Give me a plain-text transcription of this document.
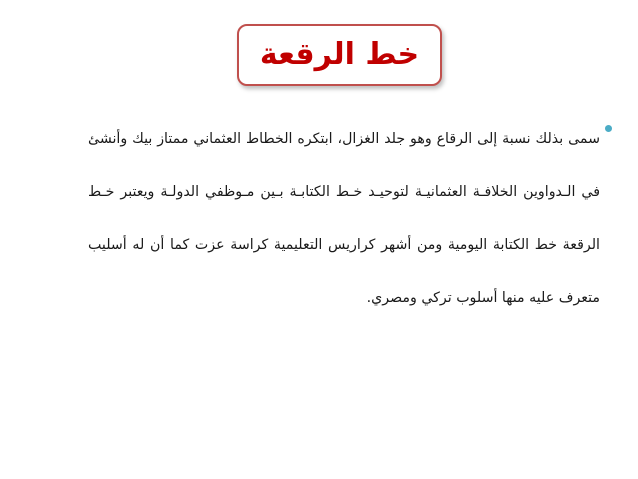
خط الرقعة

سمى بذلك نسبة إلى الرقاع وهو جلد الغزال، ابتكره الخطاط العثماني ممتاز بيك وأنشئ في الـدواوين الخلافـة العثمانيـة لتوحيـد خـط الكتابـة بـين مـوظفي الدولـة ويعتبر خـط الرقعة خط الكتابة اليومية ومن أشهر كراريس التعليمية كراسة عزت كما أن له أسليب متعرف عليه منها أسلوب تركي ومصري.
